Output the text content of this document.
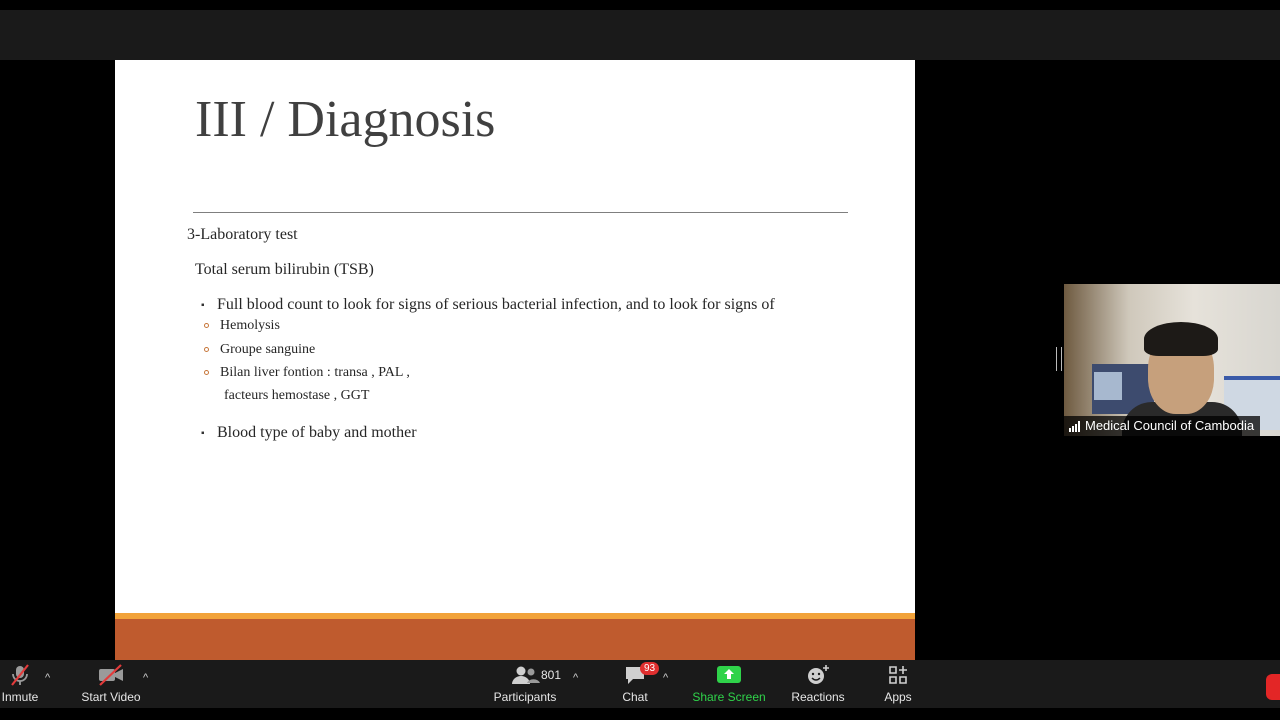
III / Diagnosis
3-Laboratory test
Total serum bilirubin (TSB)
▪ Full blood count to look for signs of serious bacterial infection, and to look for signs of
Hemolysis
Groupe sanguine
Bilan liver fontion : transa , PAL ,
facteurs hemostase , GGT
▪ Blood type of baby and mother	Medical Council of Cambodia
Inmute
^
Start Video
^
Participants
801 ^
Chat
93
^
Share Screen Reactions	Apps
